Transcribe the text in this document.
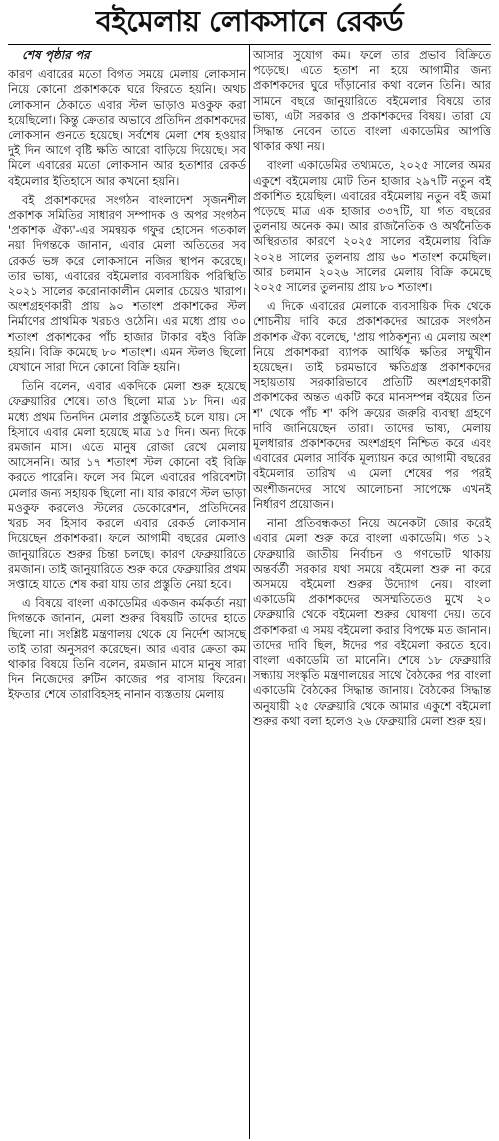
বইমেলায় লোকসানে রেকর্ড

শেষ পৃষ্ঠার পর

কারণ এবারের মতো বিগত সময়ে মেলায় লোকসান নিয়ে কোনো প্রকাশককে ঘরে ফিরতে হয়নি। অথচ লোকসান ঠেকাতে এবার স্টল ভাড়াও মওকুফ করা হয়েছিলো। কিন্তু ক্রেতার অভাবে প্রতিদিন প্রকাশকদের লোকসান গুনতে হয়েছে। সর্বশেষ মেলা শেষ হওয়ার দুই দিন আগে বৃষ্টি ক্ষতি আরো বাড়িয়ে দিয়েছে। সব মিলে এবারের মতো লোকসান আর হতাশার রেকর্ড বইমেলার ইতিহাসে আর কখনো হয়নি।

বই প্রকাশকদের সংগঠন বাংলাদেশ সৃজনশীল প্রকাশক সমিতির সাধারণ সম্পাদক ও অপর সংগঠন 'প্রকাশক ঐক্য'-এর সমন্বয়ক গফুর হোসেন গতকাল নয়া দিগন্তকে জানান, এবার মেলা অতিতের সব রেকর্ড ভঙ্গ করে লোকসানে নজির স্থাপন করেছে। তার ভাষ্য, এবারের বইমেলার ব্যবসায়িক পরিস্থিতি ২০২১ সালের করোনাকালীন মেলার চেয়েও খারাপ। অংশগ্রহণকারী প্রায় ৯০ শতাংশ প্রকাশকের স্টল নির্মাণের প্রাথমিক খরচও ওঠেনি। এর মধ্যে প্রায় ৩০ শতাংশ প্রকাশকের পাঁচ হাজার টাকার বইও বিক্রি হয়নি। বিক্রি কমেছে ৮০ শতাংশ। এমন স্টলও ছিলো যেখানে সারা দিনে কোনো বিক্রি হয়নি।

তিনি বলেন, এবার একদিকে মেলা শুরু হয়েছে ফেব্রুয়ারির শেষে। তাও ছিলো মাত্র ১৮ দিন। এর মধ্যে প্রথম তিনদিন মেলার প্রস্তুতিতেই চলে যায়। সে হিসাবে এবার মেলা হয়েছে মাত্র ১৫ দিন। অন্য দিকে রমজান মাস। এতে মানুষ রোজা রেখে মেলায় আসেননি। আর ১৭ শতাংশ স্টল কোনো বই বিক্রি করতে পারেনি। ফলে সব মিলে এবারের পরিবেশটা মেলার জন্য সহায়ক ছিলো না। যার কারণে স্টল ভাড়া মওকুফ করলেও স্টলের ডেকোরেশন, প্রতিদিনের খরচ সব হিসাব করলে এবার রেকর্ড লোকসান দিয়েছেন প্রকাশকরা। ফলে আগামী বছরের মেলাও জানুয়ারিতে শুরুর চিন্তা চলছে। কারণ ফেব্রুয়ারিতে রমজান। তাই জানুয়ারিতে শুরু করে ফেব্রুয়ারির প্রথম সপ্তাহে যাতে শেষ করা যায় তার প্রস্তুতি নেয়া হবে।

এ বিষয়ে বাংলা একাডেমির একজন কর্মকর্তা নয়া দিগন্তকে জানান, মেলা শুরুর বিষয়টি তাদের হাতে ছিলো না। সংশ্লিষ্ট মন্ত্রণালয় থেকে যে নির্দেশ আসছে তাই তারা অনুসরণ করেছেন। আর এবার ক্রেতা কম থাকার বিষয়ে তিনি বলেন, রমজান মাসে মানুষ সারা দিন নিজেদের রুটিন কাজের পর বাসায় ফিরেন। ইফতার শেষে তারাবিহসহ নানান ব্যস্ততায় মেলায়

আসার সুযোগ কম। ফলে তার প্রভাব বিক্রিতে পড়েছে। এতে হতাশ না হয়ে আগামীর জন্য প্রকাশকদের ঘুরে দাঁড়ানোর কথা বলেন তিনি। আর সামনে বছরে জানুয়ারিতে বইমেলার বিষয়ে তার ভাষ্য, এটা সরকার ও প্রকাশকদের বিষয়। তারা যে সিদ্ধান্ত নেবেন তাতে বাংলা একাডেমির আপত্তি থাকার কথা নয়।

বাংলা একাডেমির তথ্যমতে, ২০২৫ সালের অমর একুশে বইমেলায় মোট তিন হাজার ২৯৭টি নতুন বই প্রকাশিত হয়েছিল। এবারের বইমেলায় নতুন বই জমা পড়েছে মাত্র এক হাজার ৩৩৭টি, যা গত বছরের তুলনায় অনেক কম। আর রাজনৈতিক ও অর্থনৈতিক অস্থিরতার কারণে ২০২৫ সালের বইমেলায় বিক্রি ২০২৪ সালের তুলনায় প্রায় ৬০ শতাংশ কমেছিল। আর চলমান ২০২৬ সালের মেলায় বিক্রি কমেছে ২০২৫ সালের তুলনায় প্রায় ৮০ শতাংশ।

এ দিকে এবারের মেলাকে ব্যবসায়িক দিক থেকে শোচনীয় দাবি করে প্রকাশকদের আরেক সংগঠন প্রকাশক ঐক্য বলেছে, 'প্রায় পাঠকশূন্য এ মেলায় অংশ নিয়ে প্রকাশকরা ব্যাপক আর্থিক ক্ষতির সম্মুখীন হয়েছেন। তাই চরমভাবে ক্ষতিগ্রস্ত প্রকাশকদের সহায়তায় সরকারিভাবে প্রতিটি অংশগ্রহণকারী প্রকাশকের অন্তত একটি করে মানসম্পন্ন বইয়ের তিন শ' থেকে পাঁচ শ' কপি ক্রয়ের জরুরি ব্যবস্থা গ্রহণে দাবি জানিয়েছেন তারা। তাদের ভাষ্য, মেলায় মূলধারার প্রকাশকদের অংশগ্রহণ নিশ্চিত করে এবং এবারের মেলার সার্বিক মূল্যায়ন করে আগামী বছরের বইমেলার তারিখ এ মেলা শেষের পর পরই অংশীজনদের সাথে আলোচনা সাপেক্ষে এখনই নির্ধারণ প্রয়োজন।

নানা প্রতিবন্ধকতা নিয়ে অনেকটা জোর করেই এবার মেলা শুরু করে বাংলা একাডেমি। গত ১২ ফেব্রুয়ারি জাতীয় নির্বাচন ও গণভোট থাকায় অন্তর্বর্তী সরকার যথা সময়ে বইমেলা শুরু না করে অসময়ে বইমেলা শুরুর উদ্যোগ নেয়। বাংলা একাডেমি প্রকাশকদের অসম্মতিতেও মুখে ২০ ফেব্রুয়ারি থেকে বইমেলা শুরুর ঘোষণা দেয়। তবে প্রকাশকরা এ সময় বইমেলা করার বিপক্ষে মত জানান। তাদের দাবি ছিল, ঈদের পর বইমেলা করতে হবে। বাংলা একাডেমি তা মানেনি। শেষে ১৮ ফেব্রুয়ারি সন্ধ্যায় সংস্কৃতি মন্ত্রণালয়ের সাথে বৈঠকের পর বাংলা একাডেমি বৈঠকের সিদ্ধান্ত জানায়। বৈঠকের সিদ্ধান্ত অনুযায়ী ২৫ ফেব্রুয়ারি থেকে আমার একুশে বইমেলা শুরুর কথা বলা হলেও ২৬ ফেব্রুয়ারি মেলা শুরু হয়।
